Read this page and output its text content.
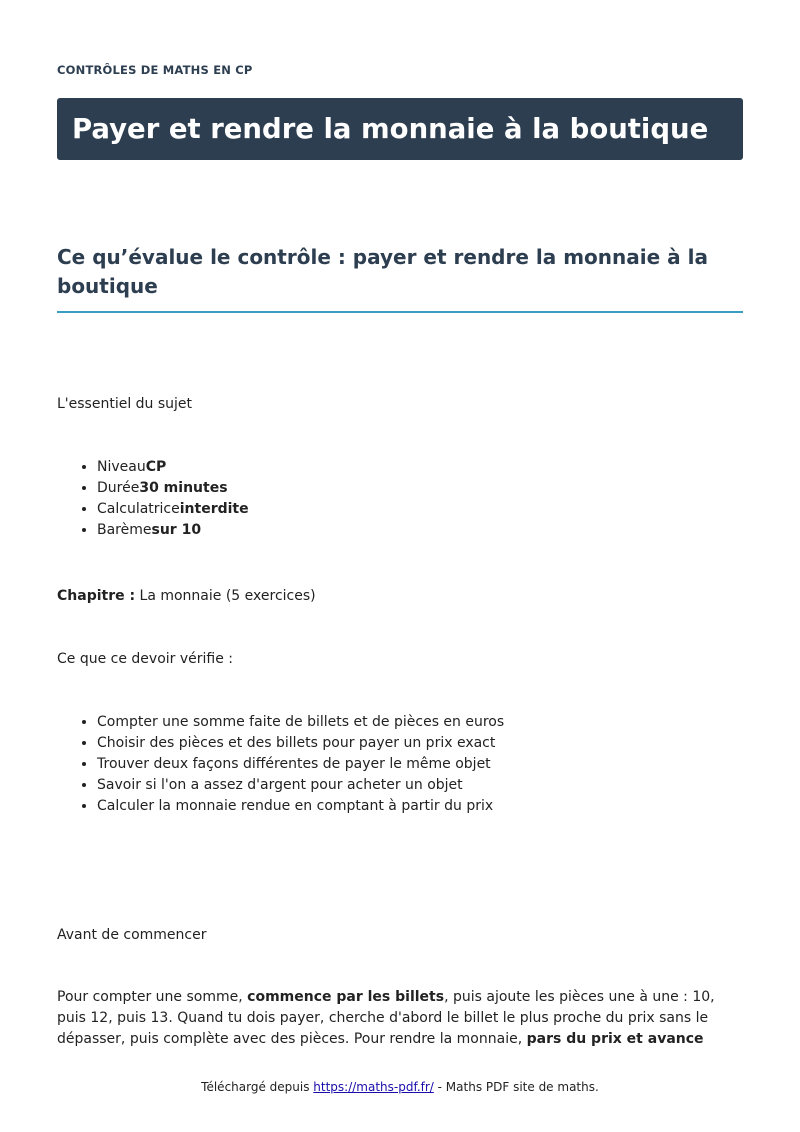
CONTRÔLES DE MATHS EN CP
Payer et rendre la monnaie à la boutique
Ce qu’évalue le contrôle : payer et rendre la monnaie à la boutique
L'essentiel du sujet
• NiveauCP
• Durée30 minutes
• Calculatriceinterdite
• Barèmesur 10
Chapitre : La monnaie (5 exercices)
Ce que ce devoir vérifie :
• Compter une somme faite de billets et de pièces en euros
• Choisir des pièces et des billets pour payer un prix exact
• Trouver deux façons différentes de payer le même objet
• Savoir si l'on a assez d'argent pour acheter un objet
• Calculer la monnaie rendue en comptant à partir du prix
Avant de commencer
Pour compter une somme, commence par les billets, puis ajoute les pièces une à une : 10, puis 12, puis 13. Quand tu dois payer, cherche d'abord le billet le plus proche du prix sans le dépasser, puis complète avec des pièces. Pour rendre la monnaie, pars du prix et avance
Téléchargé depuis https://maths-pdf.fr/ - Maths PDF site de maths.
